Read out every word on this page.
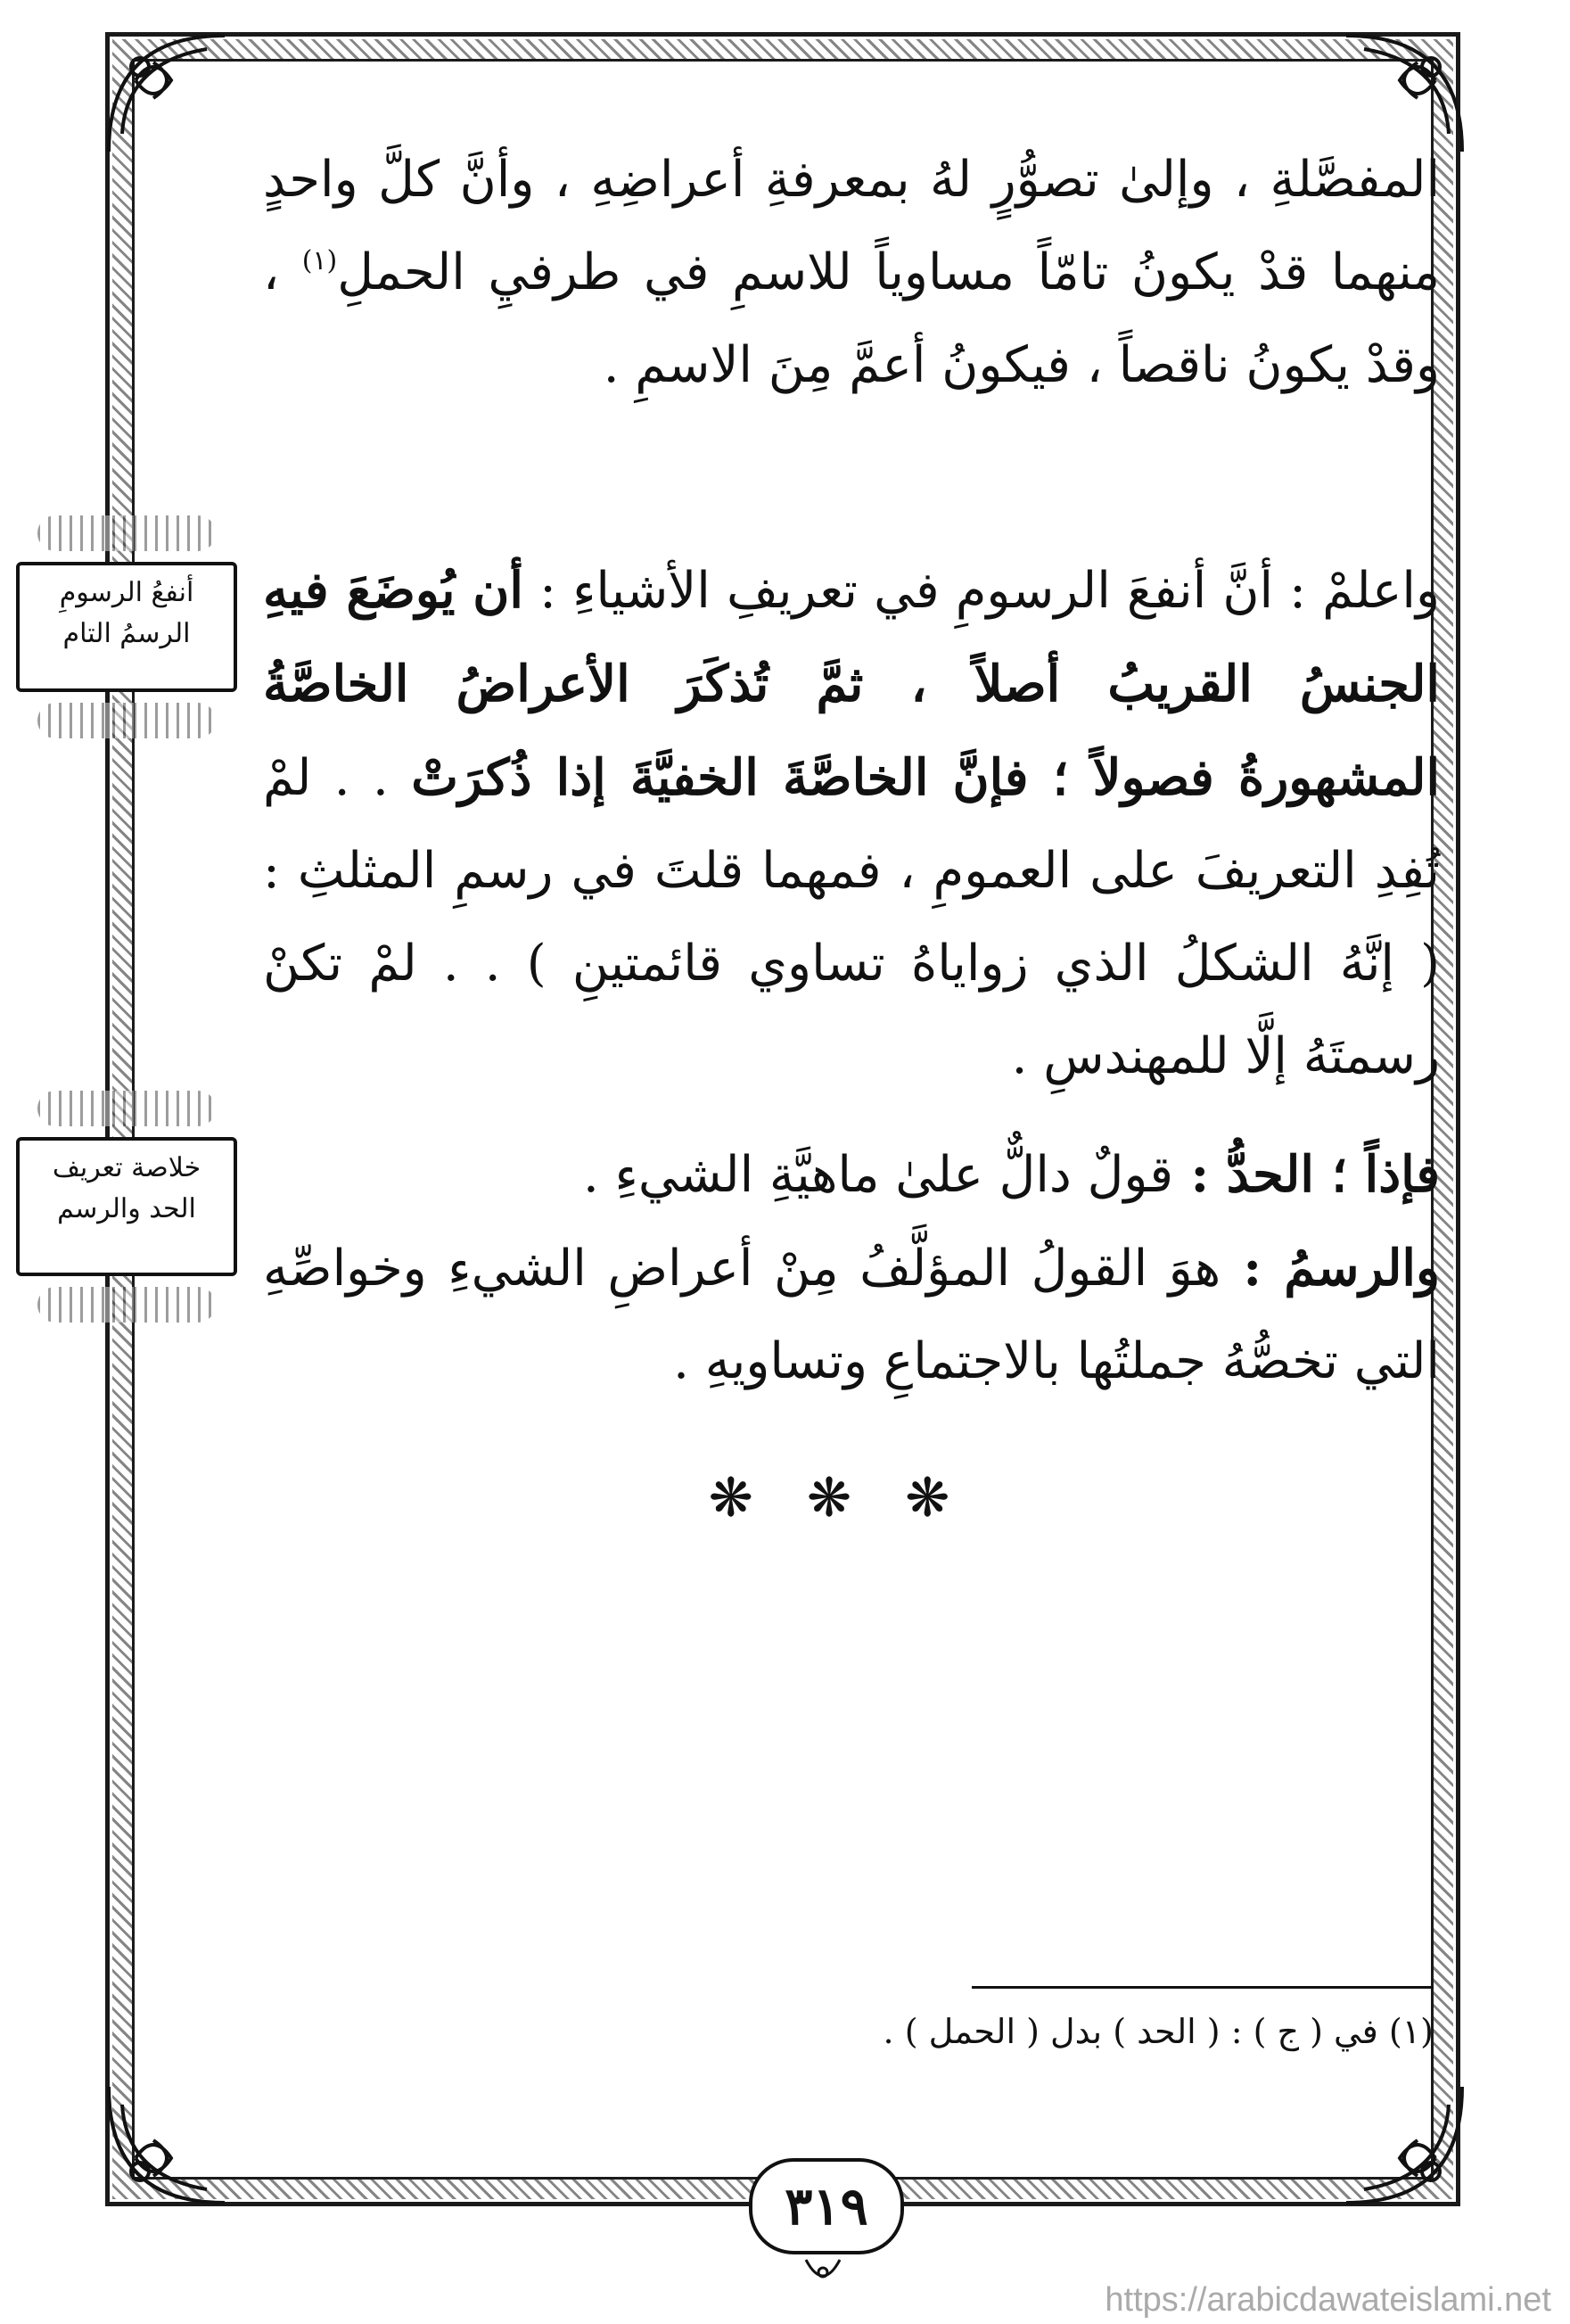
المفصَّلةِ ، وإلىٰ تصوُّرٍ لهُ بمعرفةِ أعراضِهِ ، وأنَّ كلَّ واحدٍ منهما قدْ يكونُ تامّاً مساوياً للاسمِ في طرفيِ الحملِ$^{(١)}$ ، وقدْ يكونُ ناقصاً ، فيكونُ أعمَّ مِنَ الاسمِ .

واعلمْ : أنَّ أنفعَ الرسومِ في تعريفِ الأشياءِ : أن يُوضَعَ فيهِ الجنسُ القريبُ أصلاً ، ثمَّ تُذكَرَ الأعراضُ الخاصَّةُ المشهورةُ فصولاً ؛ فإنَّ الخاصَّةَ الخفيَّةَ إذا ذُكرَتْ . . لمْ تُفِدِ التعريفَ على العمومِ ، فمهما قلتَ في رسمِ المثلثِ : ( إنَّهُ الشكلُ الذي زواياهُ تساوي قائمتينِ ) . . لمْ تكنْ رسمتَهُ إلَّا للمهندسِ .

فإذاً ؛ الحدُّ : قولٌ دالٌّ علىٰ ماهيَّةِ الشيءِ .

والرسمُ : هوَ القولُ المؤلَّفُ مِنْ أعراضِ الشيءِ وخواصِّهِ التي تخصُّهُ جملتُها بالاجتماعِ وتساويهِ .

❋
❋
❋
أنفعُ الرسومِ الرسمُ التام
خلاصة تعريف الحد والرسم
(١) في ( ج ) : ( الحد ) بدل ( الحمل ) .
٣١٩
https://arabicdawateislami.net
